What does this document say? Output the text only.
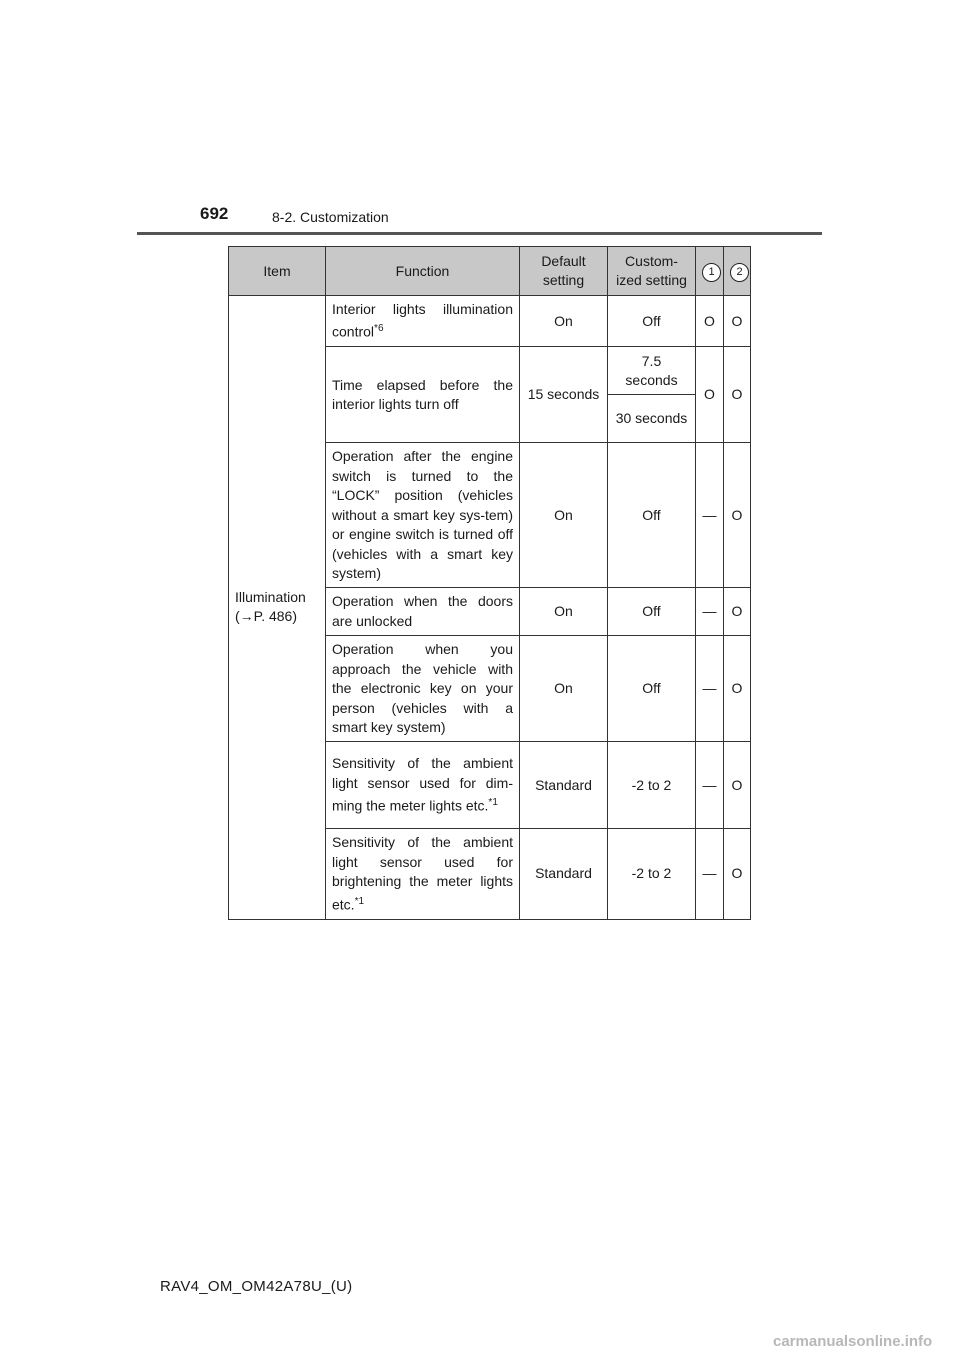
692	8-2. Customization
Item	Function	Default setting	Custom-ized setting	1	2
Illumination
(→P. 486)	Interior lights illumination control$^{*6}$	On	Off	O	O
	Time elapsed before the interior lights turn off	15 seconds	7.5 seconds	O	O
			30 seconds		
	Operation after the engine switch is turned to the “LOCK” position (vehicles without a smart key sys-tem) or engine switch is turned off (vehicles with a smart key system)	On	Off	—	O
	Operation when the doors are unlocked	On	Off	—	O
	Operation when you approach the vehicle with the electronic key on your person (vehicles with a smart key system)	On	Off	—	O
	Sensitivity of the ambient light sensor used for dim-ming the meter lights etc.$^{*1}$	Standard	-2 to 2	—	O
	Sensitivity of the ambient light sensor used for brightening the meter lights etc.$^{*1}$	Standard	-2 to 2	—	O
RAV4_OM_OM42A78U_(U)
carmanualsonline.info
